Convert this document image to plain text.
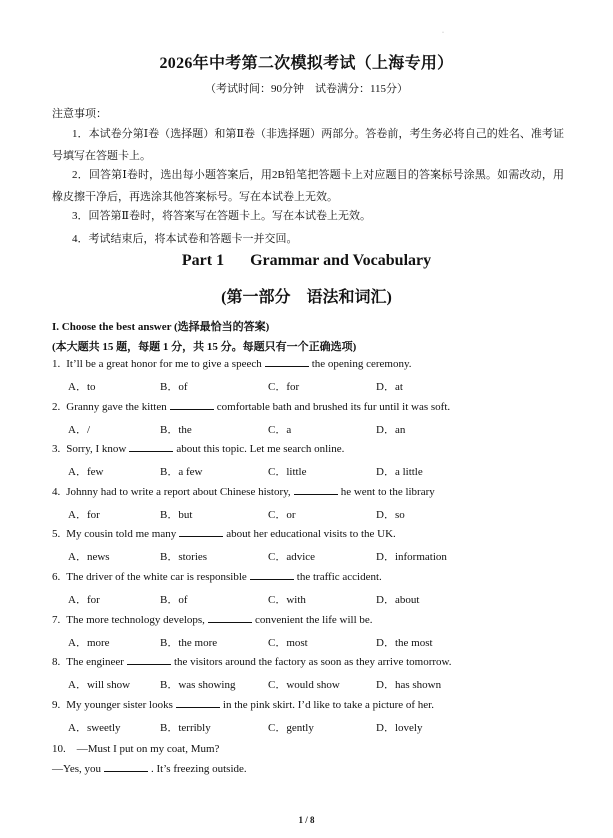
·
2026年中考第二次模拟考试（上海专用）
（考试时间：90分钟　试卷满分：115分）
注意事项：
1．本试卷分第Ⅰ卷（选择题）和第Ⅱ卷（非选择题）两部分。答卷前，考生务必将自己的姓名、准考证号填写在答题卡上。
2．回答第Ⅰ卷时，选出每小题答案后，用2B铅笔把答题卡上对应题目的答案标号涂黑。如需改动，用橡皮擦干净后，再选涂其他答案标号。写在本试卷上无效。
3．回答第Ⅱ卷时，将答案写在答题卡上。写在本试卷上无效。
4．考试结束后，将本试卷和答题卡一并交回。
Part 1 Grammar and Vocabulary
(第一部分　语法和词汇)
I. Choose the best answer (选择最恰当的答案)
(本大题共 15 题，每题 1 分，共 15 分。每题只有一个正确选项)
1. It’ll be a great honor for me to give a speech	the opening ceremony.
A．to	B．of	C．for	D．at
2. Granny gave the kitten	comfortable bath and brushed its fur until it was soft.
A．/	B．the	C．a	D．an
3. Sorry, I know	about this topic. Let me search online.
A．few	B．a few	C．little	D．a little
4. Johnny had to write a report about Chinese history,	he went to the library
A．for	B．but	C．or	D．so
5. My cousin told me many	about her educational visits to the UK.
A．news	B．stories	C．advice	D．information
6. The driver of the white car is responsible	the traffic accident.
A．for	B．of	C．with	D．about
7. The more technology develops,	convenient the life will be.
A．more	B．the more	C．most	D．the most
8. The engineer	the visitors around the factory as soon as they arrive tomorrow.
A．will show	B．was showing	C．would show	D．has shown
9. My younger sister looks	in the pink skirt. I’d like to take a picture of her.
A．sweetly	B．terribly	C．gently	D．lovely
10.　—Must I put on my coat, Mum?
—Yes, you	. It’s freezing outside.
1 / 8
